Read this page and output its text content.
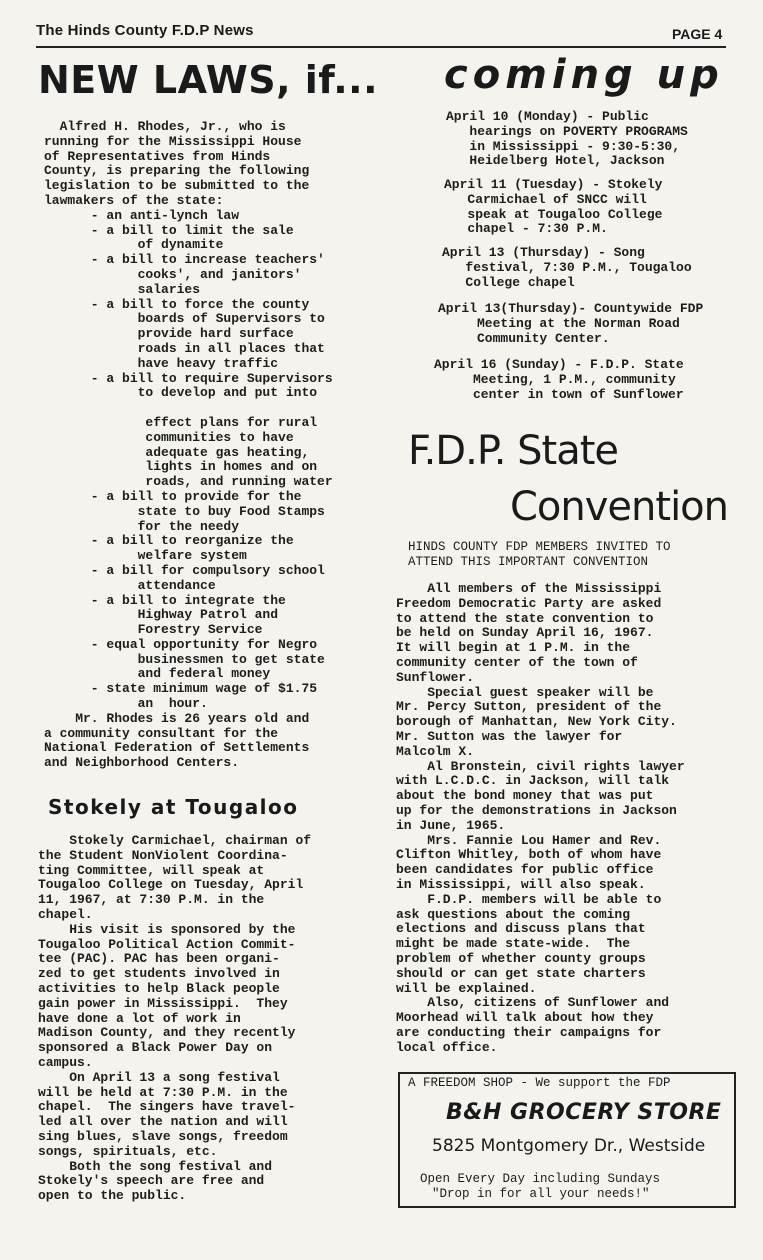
The Hinds County F.D.P News	PAGE 4
NEW LAWS, if...
Alfred H. Rhodes, Jr., who is
running for the Mississippi House
of Representatives from Hinds
County, is preparing the following
legislation to be submitted to the
lawmakers of the state:
- an anti-lynch law
- a bill to limit the sale
of dynamite
- a bill to increase teachers'
cooks', and janitors'
salaries
- a bill to force the county
boards of Supervisors to
provide hard surface
roads in all places that
have heavy traffic
- a bill to require Supervisors
to develop and put into
effect plans for rural
communities to have
adequate gas heating,
lights in homes and on
roads, and running water
- a bill to provide for the
state to buy Food Stamps
for the needy
- a bill to reorganize the
welfare system
- a bill for compulsory school
attendance
- a bill to integrate the
Highway Patrol and
Forestry Service
- equal opportunity for Negro
businessmen to get state
and federal money
- state minimum wage of $1.75
an  hour.
Mr. Rhodes is 26 years old and
a community consultant for the
National Federation of Settlements
and Neighborhood Centers.
Stokely at Tougaloo
Stokely Carmichael, chairman of
the Student NonViolent Coordina-
ting Committee, will speak at
Tougaloo College on Tuesday, April
11, 1967, at 7:30 P.M. in the
chapel.
His visit is sponsored by the
Tougaloo Political Action Commit-
tee (PAC). PAC has been organi-
zed to get students involved in
activities to help Black people
gain power in Mississippi.  They
have done a lot of work in
Madison County, and they recently
sponsored a Black Power Day on
campus.
On April 13 a song festival
will be held at 7:30 P.M. in the
chapel.  The singers have travel-
led all over the nation and will
sing blues, slave songs, freedom
songs, spirituals, etc.
Both the song festival and
Stokely's speech are free and
open to the public.
coming up
April 10 (Monday) - Public
hearings on POVERTY PROGRAMS
in Mississippi - 9:30-5:30,
Heidelberg Hotel, Jackson
April 11 (Tuesday) - Stokely
Carmichael of SNCC will
speak at Tougaloo College
chapel - 7:30 P.M.
April 13 (Thursday) - Song
festival, 7:30 P.M., Tougaloo
College chapel
April 13(Thursday)- Countywide FDP
Meeting at the Norman Road
Community Center.
April 16 (Sunday) - F.D.P. State
Meeting, 1 P.M., community
center in town of Sunflower
F.D.P. State
Convention
HINDS COUNTY FDP MEMBERS INVITED TO
ATTEND THIS IMPORTANT CONVENTION
All members of the Mississippi
Freedom Democratic Party are asked
to attend the state convention to
be held on Sunday April 16, 1967.
It will begin at 1 P.M. in the
community center of the town of
Sunflower.
Special guest speaker will be
Mr. Percy Sutton, president of the
borough of Manhattan, New York City.
Mr. Sutton was the lawyer for
Malcolm X.
Al Bronstein, civil rights lawyer
with L.C.D.C. in Jackson, will talk
about the bond money that was put
up for the demonstrations in Jackson
in June, 1965.
Mrs. Fannie Lou Hamer and Rev.
Clifton Whitley, both of whom have
been candidates for public office
in Mississippi, will also speak.
F.D.P. members will be able to
ask questions about the coming
elections and discuss plans that
might be made state-wide.  The
problem of whether county groups
should or can get state charters
will be explained.
Also, citizens of Sunflower and
Moorhead will talk about how they
are conducting their campaigns for
local office.
A FREEDOM SHOP - We support the FDP
B&H GROCERY STORE
5825 Montgomery Dr., Westside
Open Every Day including Sundays
"Drop in for all your needs!"
